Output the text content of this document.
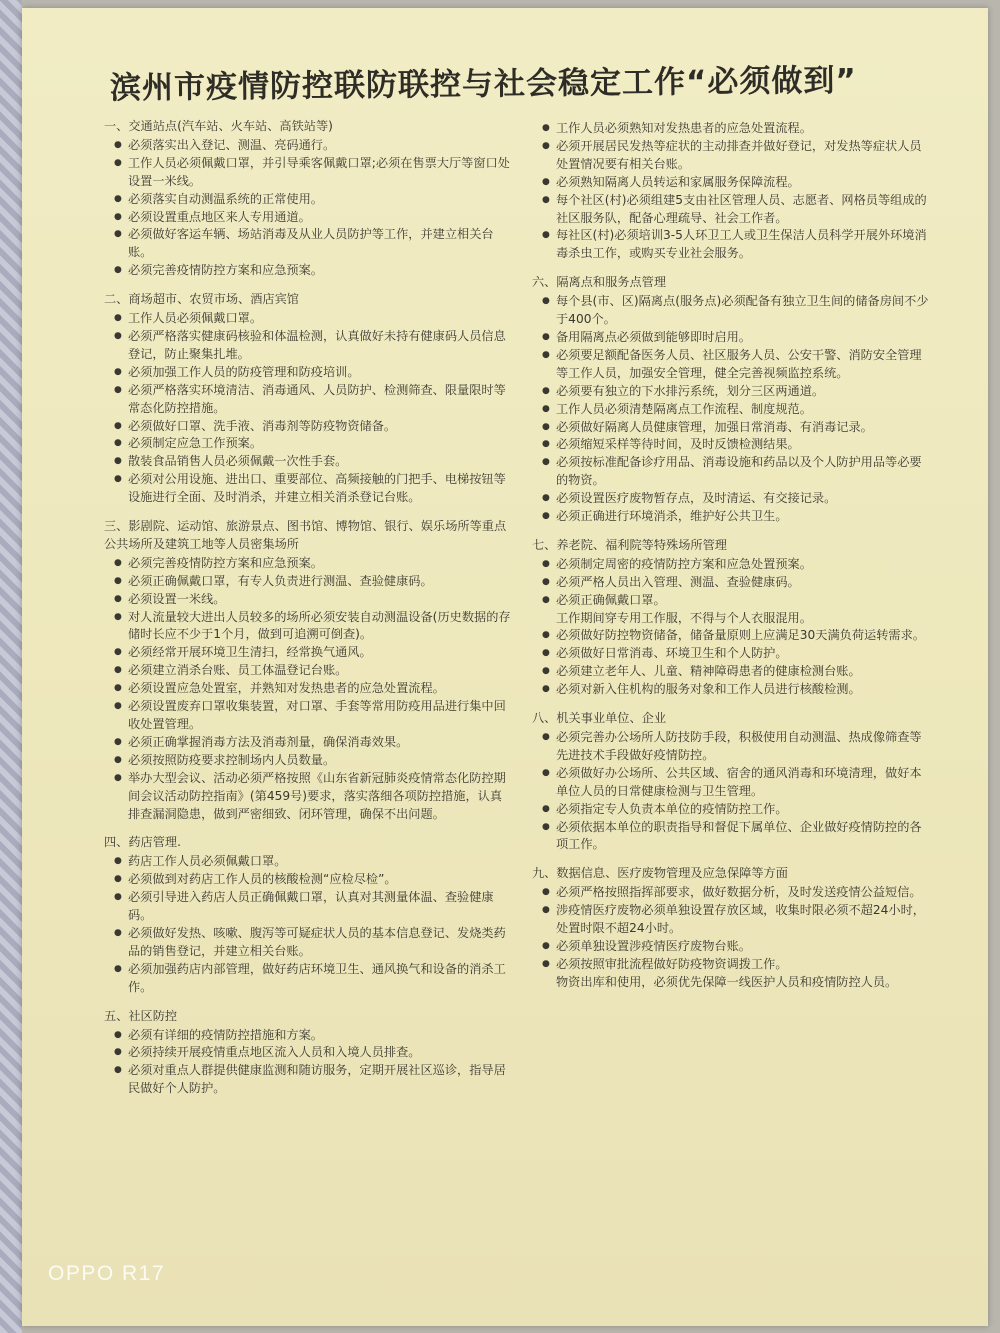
滨州市疫情防控联防联控与社会稳定工作“必须做到”
一、交通站点(汽车站、火车站、高铁站等)
● 必须落实出入登记、测温、亮码通行。
● 工作人员必须佩戴口罩，并引导乘客佩戴口罩;必须在售票大厅等窗口处设置一米线。
● 必须落实自动测温系统的正常使用。
● 必须设置重点地区来人专用通道。
● 必须做好客运车辆、场站消毒及从业人员防护等工作，并建立相关台账。
● 必须完善疫情防控方案和应急预案。
二、商场超市、农贸市场、酒店宾馆
● 工作人员必须佩戴口罩。
● 必须严格落实健康码核验和体温检测，认真做好未持有健康码人员信息登记，防止聚集扎堆。
● 必须加强工作人员的防疫管理和防疫培训。
● 必须严格落实环境清洁、消毒通风、人员防护、检测筛查、限量限时等常态化防控措施。
● 必须做好口罩、洗手液、消毒剂等防疫物资储备。
● 必须制定应急工作预案。
● 散装食品销售人员必须佩戴一次性手套。
● 必须对公用设施、进出口、重要部位、高频接触的门把手、电梯按钮等设施进行全面、及时消杀，并建立相关消杀登记台账。
三、影剧院、运动馆、旅游景点、图书馆、博物馆、银行、娱乐场所等重点公共场所及建筑工地等人员密集场所
● 必须完善疫情防控方案和应急预案。
● 必须正确佩戴口罩，有专人负责进行测温、查验健康码。
● 必须设置一米线。
● 对人流量较大进出人员较多的场所必须安装自动测温设备(历史数据的存储时长应不少于1个月，做到可追溯可倒查)。
● 必须经常开展环境卫生清扫，经常换气通风。
● 必须建立消杀台账、员工体温登记台账。
● 必须设置应急处置室，并熟知对发热患者的应急处置流程。
● 必须设置废弃口罩收集装置，对口罩、手套等常用防疫用品进行集中回收处置管理。
● 必须正确掌握消毒方法及消毒剂量，确保消毒效果。
● 必须按照防疫要求控制场内人员数量。
● 举办大型会议、活动必须严格按照《山东省新冠肺炎疫情常态化防控期间会议活动防控指南》(第459号)要求，落实落细各项防控措施，认真排查漏洞隐患，做到严密细致、闭环管理，确保不出问题。
四、药店管理.
● 药店工作人员必须佩戴口罩。
● 必须做到对药店工作人员的核酸检测“应检尽检”。
● 必须引导进入药店人员正确佩戴口罩，认真对其测量体温、查验健康码。
● 必须做好发热、咳嗽、腹泻等可疑症状人员的基本信息登记、发烧类药品的销售登记，并建立相关台账。
● 必须加强药店内部管理，做好药店环境卫生、通风换气和设备的消杀工作。
五、社区防控
● 必须有详细的疫情防控措施和方案。
● 必须持续开展疫情重点地区流入人员和入境人员排查。
● 必须对重点人群提供健康监测和随访服务，定期开展社区巡诊，指导居民做好个人防护。
● 工作人员必须熟知对发热患者的应急处置流程。
● 必须开展居民发热等症状的主动排查并做好登记，对发热等症状人员处置情况要有相关台账。
● 必须熟知隔离人员转运和家属服务保障流程。
● 每个社区(村)必须组建5支由社区管理人员、志愿者、网格员等组成的社区服务队，配备心理疏导、社会工作者。
● 每社区(村)必须培训3-5人环卫工人或卫生保洁人员科学开展外环境消毒杀虫工作，或购买专业社会服务。
六、隔离点和服务点管理
● 每个县(市、区)隔离点(服务点)必须配备有独立卫生间的储备房间不少于400个。
● 备用隔离点必须做到能够即时启用。
● 必须要足额配备医务人员、社区服务人员、公安干警、消防安全管理等工作人员，加强安全管理，健全完善视频监控系统。
● 必须要有独立的下水排污系统，划分三区两通道。
● 工作人员必须清楚隔离点工作流程、制度规范。
● 必须做好隔离人员健康管理，加强日常消毒、有消毒记录。
● 必须缩短采样等待时间，及时反馈检测结果。
● 必须按标准配备诊疗用品、消毒设施和药品以及个人防护用品等必要的物资。
● 必须设置医疗废物暂存点，及时清运、有交接记录。
● 必须正确进行环境消杀，维护好公共卫生。
七、养老院、福利院等特殊场所管理
● 必须制定周密的疫情防控方案和应急处置预案。
● 必须严格人员出入管理、测温、查验健康码。
● 必须正确佩戴口罩。
工作期间穿专用工作服，不得与个人衣服混用。
● 必须做好防控物资储备，储备量原则上应满足30天满负荷运转需求。
● 必须做好日常消毒、环境卫生和个人防护。
● 必须建立老年人、儿童、精神障碍患者的健康检测台账。
● 必须对新入住机构的服务对象和工作人员进行核酸检测。
八、机关事业单位、企业
● 必须完善办公场所人防技防手段，积极使用自动测温、热成像筛查等先进技术手段做好疫情防控。
● 必须做好办公场所、公共区域、宿舍的通风消毒和环境清理，做好本单位人员的日常健康检测与卫生管理。
● 必须指定专人负责本单位的疫情防控工作。
● 必须依据本单位的职责指导和督促下属单位、企业做好疫情防控的各项工作。
九、数据信息、医疗废物管理及应急保障等方面
● 必须严格按照指挥部要求，做好数据分析，及时发送疫情公益短信。
● 涉疫情医疗废物必须单独设置存放区域，收集时限必须不超24小时，处置时限不超24小时。
● 必须单独设置涉疫情医疗废物台账。
● 必须按照审批流程做好防疫物资调拨工作。
物资出库和使用，必须优先保障一线医护人员和疫情防控人员。
OPPO R17
